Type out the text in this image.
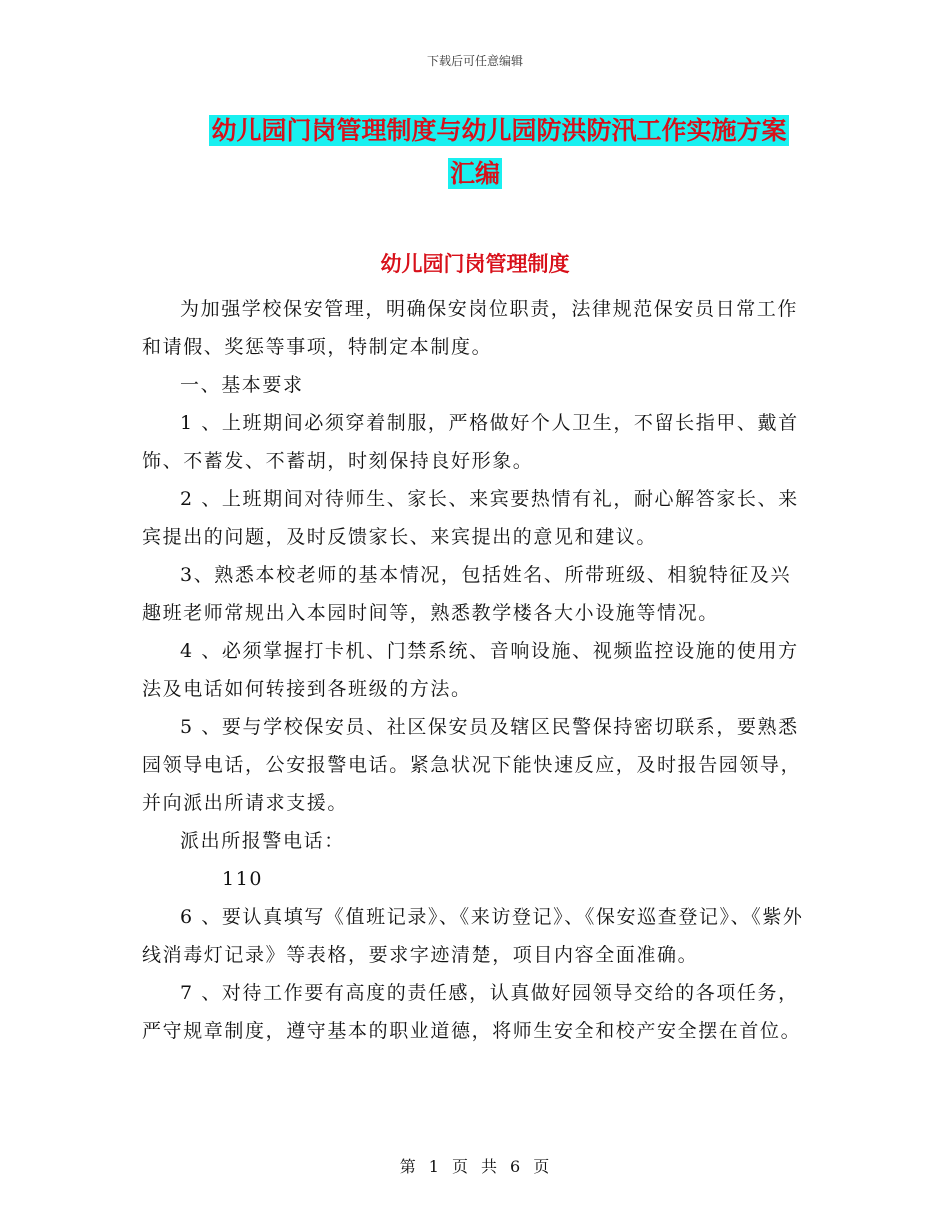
下载后可任意编辑
幼儿园门岗管理制度与幼儿园防洪防汛工作实施方案
汇编
幼儿园门岗管理制度

为加强学校保安管理，明确保安岗位职责，法律规范保安员日常工作和请假、奖惩等事项，特制定本制度。

一、基本要求

1 、上班期间必须穿着制服，严格做好个人卫生，不留长指甲、戴首饰、不蓄发、不蓄胡，时刻保持良好形象。

2 、上班期间对待师生、家长、来宾要热情有礼，耐心解答家长、来宾提出的问题，及时反馈家长、来宾提出的意见和建议。

3、熟悉本校老师的基本情况，包括姓名、所带班级、相貌特征及兴趣班老师常规出入本园时间等，熟悉教学楼各大小设施等情况。

4 、必须掌握打卡机、门禁系统、音响设施、视频监控设施的使用方法及电话如何转接到各班级的方法。

5 、要与学校保安员、社区保安员及辖区民警保持密切联系，要熟悉园领导电话，公安报警电话。紧急状况下能快速反应，及时报告园领导，并向派出所请求支援。

派出所报警电话：

110

6 、要认真填写《值班记录》、《来访登记》、《保安巡查登记》、《紫外线消毒灯记录》等表格，要求字迹清楚，项目内容全面准确。

7 、对待工作要有高度的责任感，认真做好园领导交给的各项任务，严守规章制度，遵守基本的职业道德，将师生安全和校产安全摆在首位。

第 1 页 共 6 页
